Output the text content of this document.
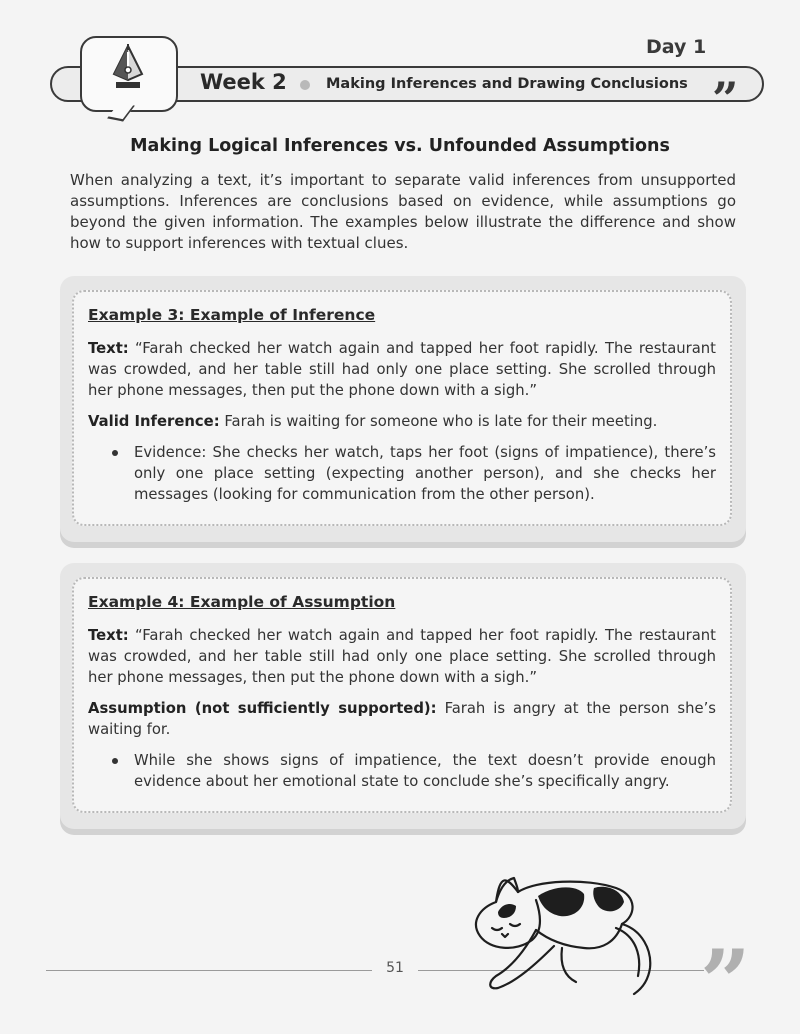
Day 1
Week 2	Making Inferences and Drawing Conclusions ”
Making Logical Inferences vs. Unfounded Assumptions
When analyzing a text, it’s important to separate valid inferences from unsupported assumptions. Inferences are conclusions based on evidence, while assumptions go beyond the given information. The examples below illustrate the difference and show how to support inferences with textual clues.
Example 3: Example of Inference
Text: “Farah checked her watch again and tapped her foot rapidly. The restaurant was crowded, and her table still had only one place setting. She scrolled through her phone messages, then put the phone down with a sigh.”
Valid Inference: Farah is waiting for someone who is late for their meeting.
Evidence: She checks her watch, taps her foot (signs of impatience), there’s only one place setting (expecting another person), and she checks her messages (looking for communication from the other person).
Example 4: Example of Assumption
Text: “Farah checked her watch again and tapped her foot rapidly. The restaurant was crowded, and her table still had only one place setting. She scrolled through her phone messages, then put the phone down with a sigh.”
Assumption (not sufficiently supported): Farah is angry at the person she’s waiting for.
While she shows signs of impatience, the text doesn’t provide enough evidence about her emotional state to conclude she’s specifically angry.
51	”
